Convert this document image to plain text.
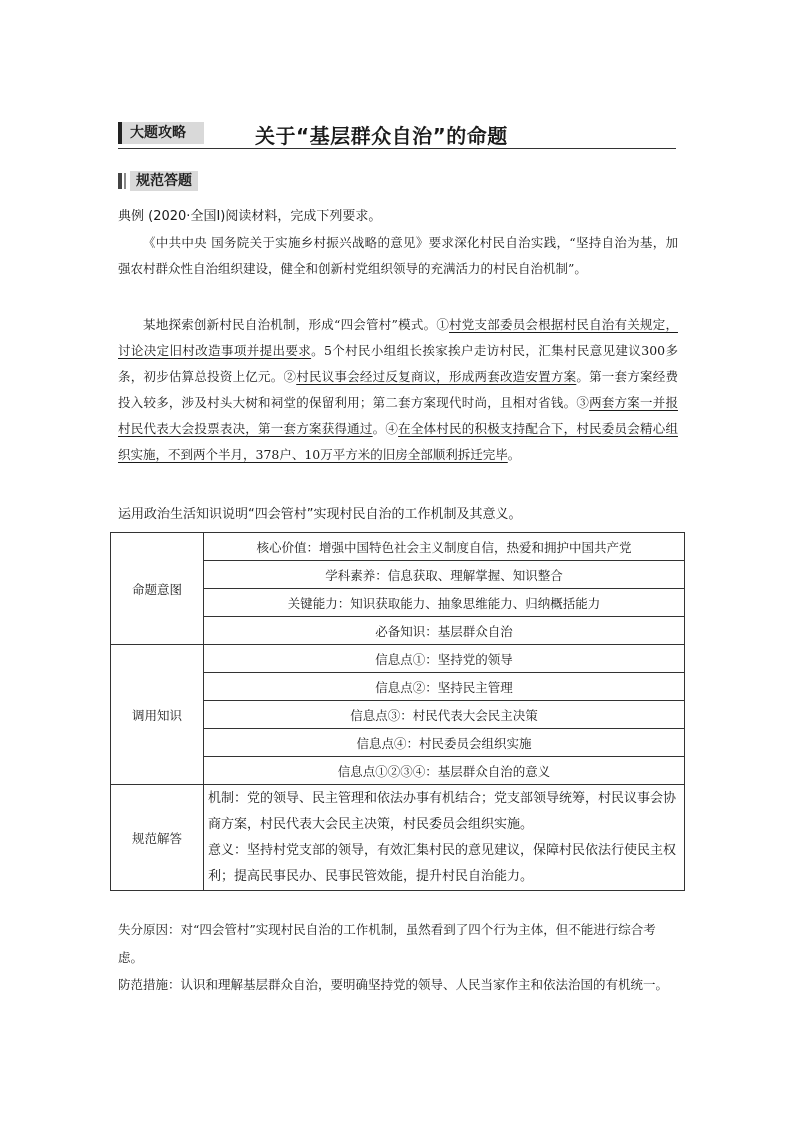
大题攻略	关于“基层群众自治”的命题
规范答题
典例 (2020·全国Ⅰ)阅读材料，完成下列要求。
《中共中央 国务院关于实施乡村振兴战略的意见》要求深化村民自治实践，“坚持自治为基，加强农村群众性自治组织建设，健全和创新村党组织领导的充满活力的村民自治机制”。
某地探索创新村民自治机制，形成“四会管村”模式。①村党支部委员会根据村民自治有关规定，讨论决定旧村改造事项并提出要求。5个村民小组组长挨家挨户走访村民，汇集村民意见建议300多条，初步估算总投资上亿元。②村民议事会经过反复商议，形成两套改造安置方案。第一套方案经费投入较多，涉及村头大树和祠堂的保留利用；第二套方案现代时尚，且相对省钱。③两套方案一并报村民代表大会投票表决，第一套方案获得通过。④在全体村民的积极支持配合下，村民委员会精心组织实施，不到两个半月，378户、10万平方米的旧房全部顺利拆迁完毕。
运用政治生活知识说明“四会管村”实现村民自治的工作机制及其意义。
命题意图	核心价值：增强中国特色社会主义制度自信，热爱和拥护中国共产党
	学科素养：信息获取、理解掌握、知识整合
	关键能力：知识获取能力、抽象思维能力、归纳概括能力
	必备知识：基层群众自治
调用知识	信息点①：坚持党的领导
	信息点②：坚持民主管理
	信息点③：村民代表大会民主决策
	信息点④：村民委员会组织实施
	信息点①②③④：基层群众自治的意义
规范解答	机制：党的领导、民主管理和依法办事有机结合；党支部领导统筹，村民议事会协商方案，村民代表大会民主决策，村民委员会组织实施。

意义：坚持村党支部的领导，有效汇集村民的意见建议，保障村民依法行使民主权利；提高民事民办、民事民管效能，提升村民自治能力。

失分原因：对“四会管村”实现村民自治的工作机制，虽然看到了四个行为主体，但不能进行综合考虑。
防范措施：认识和理解基层群众自治，要明确坚持党的领导、人民当家作主和依法治国的有机统一。
